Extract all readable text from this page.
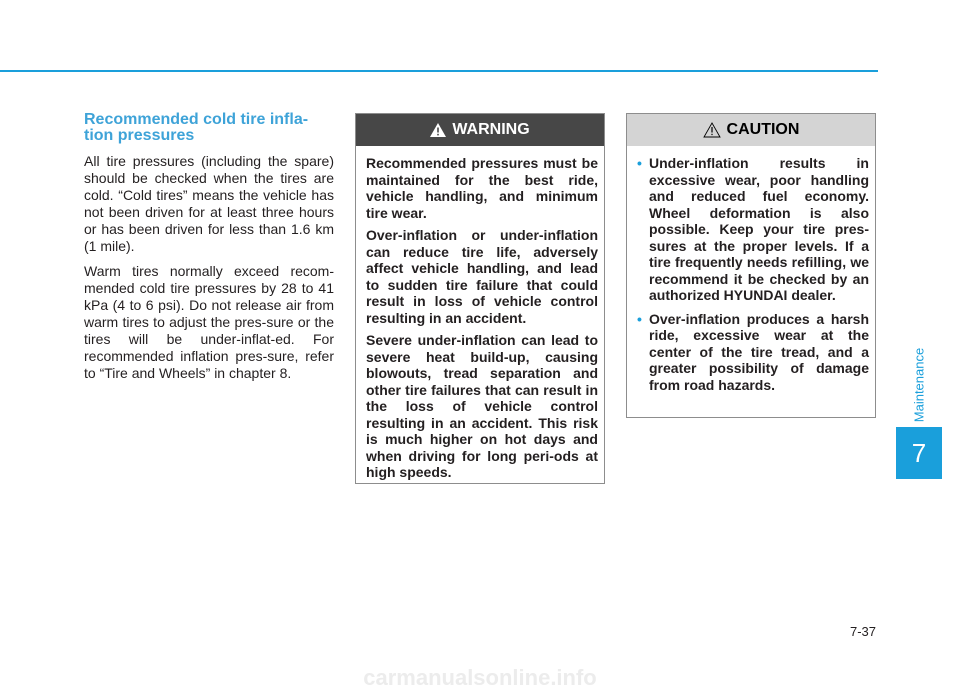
Recommended cold tire infla-
tion pressures

All tire pressures (including the spare) should be checked when the tires are cold. “Cold tires” means the vehicle has not been driven for at least three hours or has been driven for less than 1.6 km (1 mile).

Warm tires normally exceed recom-mended cold tire pressures by 28 to 41 kPa (4 to 6 psi). Do not release air from warm tires to adjust the pres-sure or the tires will be under-inflat-ed. For recommended inflation pres-sure, refer to “Tire and Wheels” in chapter 8.

WARNING

Recommended pressures must be maintained for the best ride, vehicle handling, and minimum tire wear.

Over-inflation or under-inflation can reduce tire life, adversely affect vehicle handling, and lead to sudden tire failure that could result in loss of vehicle control resulting in an accident.

Severe under-inflation can lead to severe heat build-up, causing blowouts, tread separation and other tire failures that can result in the loss of vehicle control resulting in an accident. This risk is much higher on hot days and when driving for long peri-ods at high speeds.

CAUTION
• Under-inflation results in excessive wear, poor handling and reduced fuel economy. Wheel deformation is also possible. Keep your tire pres-sures at the proper levels. If a tire frequently needs refilling, we recommend it be checked by an authorized HYUNDAI dealer.
• Over-inflation produces a harsh ride, excessive wear at the center of the tire tread, and a greater possibility of damage from road hazards.	Maintenance
7
7-37
carmanualsonline.info
